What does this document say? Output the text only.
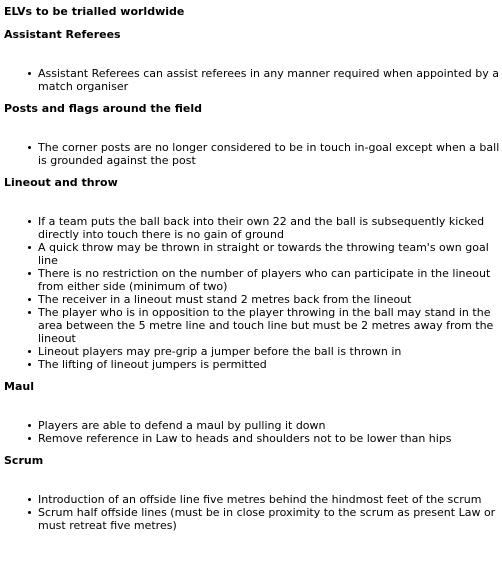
ELVs to be trialled worldwide
Assistant Referees
Assistant Referees can assist referees in any manner required when appointed by a match organiser
Posts and flags around the field
The corner posts are no longer considered to be in touch in-goal except when a ball is grounded against the post
Lineout and throw
If a team puts the ball back into their own 22 and the ball is subsequently kicked directly into touch there is no gain of ground
A quick throw may be thrown in straight or towards the throwing team's own goal line
There is no restriction on the number of players who can participate in the lineout from either side (minimum of two)
The receiver in a lineout must stand 2 metres back from the lineout
The player who is in opposition to the player throwing in the ball may stand in the area between the 5 metre line and touch line but must be 2 metres away from the lineout
Lineout players may pre-grip a jumper before the ball is thrown in
The lifting of lineout jumpers is permitted
Maul
Players are able to defend a maul by pulling it down
Remove reference in Law to heads and shoulders not to be lower than hips
Scrum
Introduction of an offside line five metres behind the hindmost feet of the scrum
Scrum half offside lines (must be in close proximity to the scrum as present Law or must retreat five metres)
